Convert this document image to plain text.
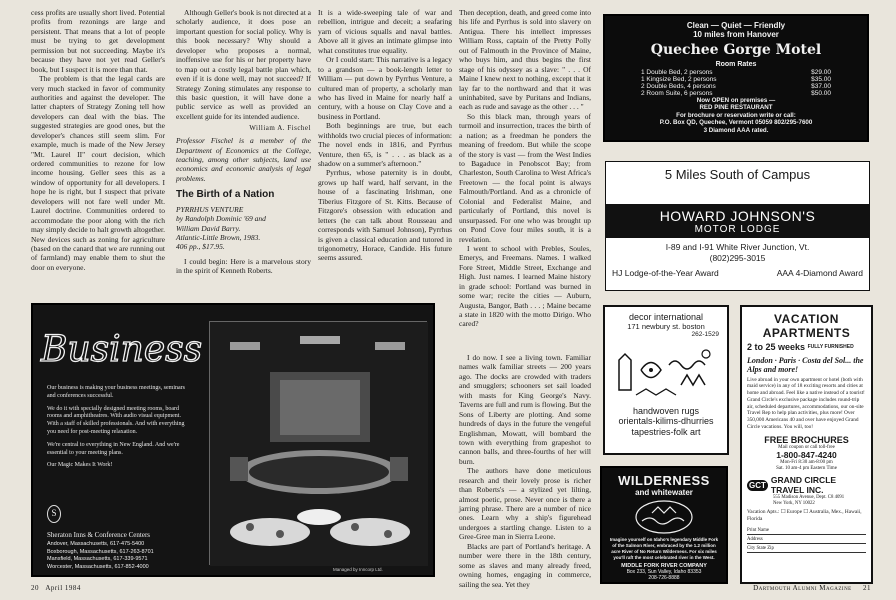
cess profits are usually short lived. Potential profits from rezonings are large and persistent. That means that a lot of people must be trying to get development permission but not succeeding. Maybe it's because they have not yet read Geller's book, but I suspect it is more than that.

The problem is that the legal cards are very much stacked in favor of community authorities and against the developer. The latter chapters of Strategy Zoning tell how developers can deal with the bias. The suggested strategies are good ones, but the developer's chances still seem slim. For example, much is made of the New Jersey "Mt. Laurel II" court decision, which ordered communities to rezone for low income housing. Geller sees this as a window of opportunity for all developers. I hope he is right, but I suspect that private developers will not fare well under Mt. Laurel doctrine. Communities ordered to accommodate the poor along with the rich may simply decide to halt growth altogether. New devices such as zoning for agriculture (based on the canard that we are running out of farmland) may enable them to shut the door on everyone.

Although Geller's book is not directed at a scholarly audience, it does pose an important question for social policy. Why is this book necessary? Why should a developer who proposes a normal, inoffensive use for his or her property have to map out a costly legal battle plan which, even if it is done well, may not succeed? If Strategy Zoning stimulates any response to this basic question, it will have done a public service as well as provided an excellent guide for its intended audience.

William A. Fischel

Professor Fischel is a member of the Department of Economics at the College, teaching, among other subjects, land use economics and economic analysis of legal problems.

The Birth of a Nation
PYRRHUS VENTURE
by Randolph Dominic '69 and
William David Barry.
Atlantic-Little Brown, 1983.
406 pp., $17.95.

I could begin: Here is a marvelous story in the spirit of Kenneth Roberts.

It is a wide-sweeping tale of war and rebellion, intrigue and deceit; a seafaring yarn of vicious squalls and naval battles. Above all it gives an intimate glimpse into what constitutes true equality.

Or I could start: This narrative is a legacy to a grandson — a book-length letter to William — put down by Pyrrhus Venture, a cultured man of property, a scholarly man who has lived in Maine for nearly half a century, with a house on Clay Cove and a business in Portland.

Both beginnings are true, but each withholds two crucial pieces of information: The novel ends in 1816, and Pyrrhus Venture, then 65, is " . . . as black as a shadow on a summer's afternoon."

Pyrrhus, whose paternity is in doubt, grows up half ward, half servant, in the house of a fascinating Irishman, one Tiberius Fitzgore of St. Kitts. Because of Fitzgore's obsession with education and letters (he can talk about Rousseau and corresponds with Samuel Johnson), Pyrrhus is given a classical education and tutored in trigonometry, Horace, Candide. His future seems assured.

Then deception, death, and greed come into his life and Pyrrhus is sold into slavery on Antigua. There his intellect impresses William Ross, captain of the Pretty Polly out of Falmouth in the Province of Maine, who buys him, and thus begins the first stage of his odyssey as a slave: " . . . Of Maine I knew next to nothing, except that it lay far to the northward and that it was uninhabited, save by Puritans and Indians, each as rude and savage as the other . . . "

So this black man, through years of turmoil and insurrection, traces the birth of a nation; as a freedman he ponders the meaning of freedom. But while the scope of the story is vast — from the West Indies to Bagaduce in Penobscot Bay; from Charleston, South Carolina to West Africa's Freetown — the focal point is always Falmouth/Portland. And as a chronicle of Colonial and Federalist Maine, and particularly of Portland, this novel is unsurpassed. For one who was brought up on Pond Cove four miles south, it is a revelation.

I went to school with Prebles, Soules, Emerys, and Freemans. Names. I walked Fore Street, Middle Street, Exchange and High. Just names. I learned Maine history in grade school: Portland was burned in some war; recite the cities — Auburn, Augusta, Bangor, Bath . . . ; Maine became a state in 1820 with the motto Dirigo. Who cared?

I do now. I see a living town. Familiar names walk familiar streets — 200 years ago. The docks are crowded with traders and smugglers; schooners set sail loaded with masts for King George's Navy. Taverns are full and rum is flowing. But the Sons of Liberty are plotting. And some hundreds of days in the future the vengeful Englishman, Mowatt, will bombard the town with everything from grapeshot to cannon balls, and three-fourths of her will burn.

The authors have done meticulous research and their lovely prose is richer than Roberts's — a stylized yet lilting, almost poetic, prose. Never once is there a jarring phrase. There are a number of nice ones. Learn why a ship's figurehead undergoes a startling change. Listen to a Gree-Gree man in Sierra Leone.

Blacks are part of Portland's heritage. A number were there in the 18th century, some as slaves and many already freed, owning homes, engaging in commerce, sailing the sea. Yet they

Business
Our business is making your business meetings, seminars and conferences successful.
We do it with specially designed meeting rooms, board rooms and amphitheatres. With audio visual equipment. With a staff of skilled professionals. And with everything you need for post-meeting relaxation.
We're central to everything in New England. And we're essential to your meeting plans.
Our Magic Makes It Work!
S
Sheraton Inns & Conference Centers
Andover, Massachusetts, 617-475-5400
Boxborough, Massachusetts, 617-263-8701
Mansfield, Massachusetts, 617-339-9571
Worcester, Massachusetts, 617-852-4000	Managed by Inncorp Ltd.
Clean — Quiet — Friendly
10 miles from Hanover
Quechee Gorge Motel
Room Rates
1 Double Bed, 2 persons	$29.00
1 Kingsize Bed, 2 persons	$35.00
2 Double Beds, 4 persons	$37.00
2 Room Suite, 6 persons	$50.00
Now OPEN on premises —
RED PINE RESTAURANT
For brochure or reservation write or call:
P.O. Box QD, Quechee, Vermont 05059 802/295-7600
3 Diamond AAA rated.
5 Miles South of Campus
HOWARD JOHNSON'S
MOTOR LODGE
I-89 and I-91 White River Junction, Vt.
(802)295-3015
HJ Lodge-of-the-Year Award	AAA 4-Diamond Award
decor international
171 newbury st. boston
262-1529
handwoven rugs
orientals-kilims-dhurries
tapestries-folk art
WILDERNESS
and whitewater
Imagine yourself on Idaho's legendary Middle Fork of the Salmon River, embraced by the 1.2 million acre River of No Return Wilderness. For six miles you'll raft the most celebrated river in the West.
MIDDLE FORK RIVER COMPANY
Box 233, Sun Valley, Idaho 83353
208-726-8888
VACATION
APARTMENTS
2 to 25 weeks FULLY FURNISHED
London · Paris · Costa del Sol... the Alps and more!
Live abroad in your own apartment or hotel (both with maid service) in any of 18 exciting resorts and cities at home and abroad. Feel like a native instead of a tourist! Grand Circle's exclusive package includes round-trip air, scheduled departures, accommodations, our on-site Travel Rep to help plan activities, plus more! Over 350,000 Americans 40 and over have enjoyed Grand Circle vacations. You will, too!
FREE BROCHURES
Mail coupon or call toll-free
1-800-847-4240
Mon-Fri 8:30 am-8:00 pm
Sat. 10 am-4 pm Eastern Time
GCT GRAND CIRCLE TRAVEL INC.
555 Madison Avenue, Dept. C8 4091
New York, NY 10022
Vacation Apts.: ☐ Europe ☐ Australia, Mex., Hawaii, Florida
Print Name
Address
City State Zip
20 April 1984	Dartmouth Alumni Magazine 21
